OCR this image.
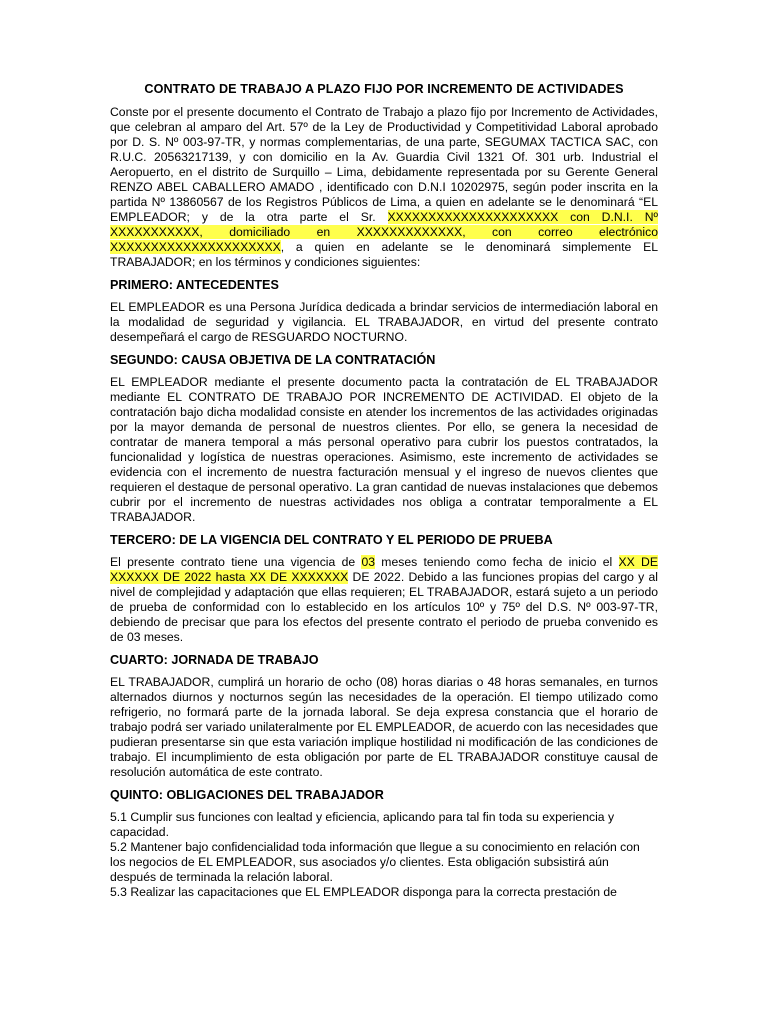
CONTRATO DE TRABAJO A PLAZO FIJO POR INCREMENTO DE ACTIVIDADES

Conste por el presente documento el Contrato de Trabajo a plazo fijo por Incremento de Actividades, que celebran al amparo del Art. 57º de la Ley de Productividad y Competitividad Laboral aprobado por D. S. Nº 003-97-TR, y normas complementarias, de una parte, SEGUMAX TACTICA SAC, con R.U.C. 20563217139, y con domicilio en la Av. Guardia Civil 1321 Of. 301 urb. Industrial el Aeropuerto, en el distrito de Surquillo – Lima, debidamente representada por su Gerente General RENZO ABEL CABALLERO AMADO , identificado con D.N.I 10202975, según poder inscrita en la partida Nº 13860567 de los Registros Públicos de Lima, a quien en adelante se le denominará “EL EMPLEADOR; y de la otra parte el Sr. XXXXXXXXXXXXXXXXXXXXX con D.N.I. Nº XXXXXXXXXXX, domiciliado en XXXXXXXXXXXXX, con correo electrónico XXXXXXXXXXXXXXXXXXXXX, a quien en adelante se le denominará simplemente EL TRABAJADOR; en los términos y condiciones siguientes:

PRIMERO: ANTECEDENTES

EL EMPLEADOR es una Persona Jurídica dedicada a brindar servicios de intermediación laboral en la modalidad de seguridad y vigilancia. EL TRABAJADOR, en virtud del presente contrato desempeñará el cargo de RESGUARDO NOCTURNO.

SEGUNDO: CAUSA OBJETIVA DE LA CONTRATACIÓN

EL EMPLEADOR mediante el presente documento pacta la contratación de EL TRABAJADOR mediante EL CONTRATO DE TRABAJO POR INCREMENTO DE ACTIVIDAD. El objeto de la contratación bajo dicha modalidad consiste en atender los incrementos de las actividades originadas por la mayor demanda de personal de nuestros clientes. Por ello, se genera la necesidad de contratar de manera temporal a más personal operativo para cubrir los puestos contratados, la funcionalidad y logística de nuestras operaciones. Asimismo, este incremento de actividades se evidencia con el incremento de nuestra facturación mensual y el ingreso de nuevos clientes que requieren el destaque de personal operativo. La gran cantidad de nuevas instalaciones que debemos cubrir por el incremento de nuestras actividades nos obliga a contratar temporalmente a EL TRABAJADOR.

TERCERO: DE LA VIGENCIA DEL CONTRATO Y EL PERIODO DE PRUEBA

El presente contrato tiene una vigencia de 03 meses teniendo como fecha de inicio el XX DE XXXXXX DE 2022 hasta XX DE XXXXXXX DE 2022. Debido a las funciones propias del cargo y al nivel de complejidad y adaptación que ellas requieren; EL TRABAJADOR, estará sujeto a un periodo de prueba de conformidad con lo establecido en los artículos 10º y 75º del D.S. Nº 003-97-TR, debiendo de precisar que para los efectos del presente contrato el periodo de prueba convenido es de 03 meses.

CUARTO: JORNADA DE TRABAJO

EL TRABAJADOR, cumplirá un horario de ocho (08) horas diarias o 48 horas semanales, en turnos alternados diurnos y nocturnos según las necesidades de la operación. El tiempo utilizado como refrigerio, no formará parte de la jornada laboral. Se deja expresa constancia que el horario de trabajo podrá ser variado unilateralmente por EL EMPLEADOR, de acuerdo con las necesidades que pudieran presentarse sin que esta variación implique hostilidad ni modificación de las condiciones de trabajo. El incumplimiento de esta obligación por parte de EL TRABAJADOR constituye causal de resolución automática de este contrato.

QUINTO: OBLIGACIONES DEL TRABAJADOR
5.1 Cumplir sus funciones con lealtad y eficiencia, aplicando para tal fin toda su experiencia y capacidad.
5.2 Mantener bajo confidencialidad toda información que llegue a su conocimiento en relación con los negocios de EL EMPLEADOR, sus asociados y/o clientes. Esta obligación subsistirá aún después de terminada la relación laboral.
5.3 Realizar las capacitaciones que EL EMPLEADOR disponga para la correcta prestación de
